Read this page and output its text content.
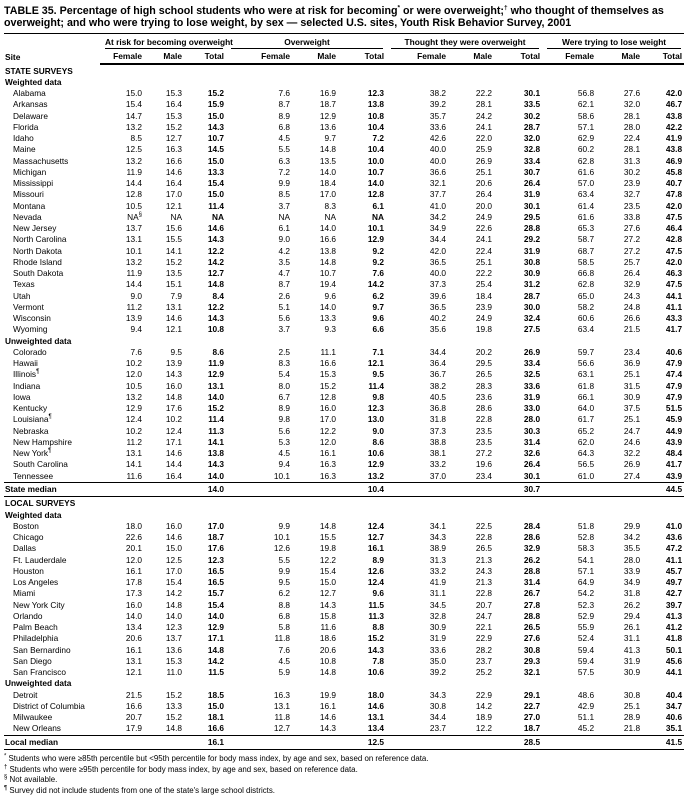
TABLE 35. Percentage of high school students who were at risk for becoming* or were overweight;† who thought of themselves as overweight; and who were trying to lose weight, by sex — selected U.S. sites, Youth Risk Behavior Survey, 2001
Site	At risk for becoming overweight			Overweight			Thought they were overweight			Were trying to lose weight		

	Female	Male	Total	Female	Male	Total	Female	Male	Total	Female	Male	Total
STATE SURVEYS												
Weighted data												
Alabama	15.0	15.3	15.2	7.6	16.9	12.3	38.2	22.2	30.1	56.8	27.6	42.0
Arkansas	15.4	16.4	15.9	8.7	18.7	13.8	39.2	28.1	33.5	62.1	32.0	46.7
Delaware	14.7	15.3	15.0	8.9	12.9	10.8	35.7	24.2	30.2	58.6	28.1	43.8
Florida	13.2	15.2	14.3	6.8	13.6	10.4	33.6	24.1	28.7	57.1	28.0	42.2
Idaho	8.5	12.7	10.7	4.5	9.7	7.2	42.6	22.0	32.0	62.9	22.4	41.9
Maine	12.5	16.3	14.5	5.5	14.8	10.4	40.0	25.9	32.8	60.2	28.1	43.8
Massachusetts	13.2	16.6	15.0	6.3	13.5	10.0	40.0	26.9	33.4	62.8	31.3	46.9
Michigan	11.9	14.6	13.3	7.2	14.0	10.7	36.6	25.1	30.7	61.6	30.2	45.8
Mississippi	14.4	16.4	15.4	9.9	18.4	14.0	32.1	20.6	26.4	57.0	23.9	40.7
Missouri	12.8	17.0	15.0	8.5	17.0	12.8	37.7	26.4	31.9	63.4	32.7	47.8
Montana	10.5	12.1	11.4	3.7	8.3	6.1	41.0	20.0	30.1	61.4	23.5	42.0
Nevada	NA§	NA	NA	NA	NA	NA	34.2	24.9	29.5	61.6	33.8	47.5
New Jersey	13.7	15.6	14.6	6.1	14.0	10.1	34.9	22.6	28.8	65.3	27.6	46.4
North Carolina	13.1	15.5	14.3	9.0	16.6	12.9	34.4	24.1	29.2	58.7	27.2	42.8
North Dakota	10.1	14.1	12.2	4.2	13.8	9.2	42.0	22.4	31.9	68.7	27.2	47.5
Rhode Island	13.2	15.2	14.2	3.5	14.8	9.2	36.5	25.1	30.8	58.5	25.7	42.0
South Dakota	11.9	13.5	12.7	4.7	10.7	7.6	40.0	22.2	30.9	66.8	26.4	46.3
Texas	14.4	15.1	14.8	8.7	19.4	14.2	37.3	25.4	31.2	62.8	32.9	47.5
Utah	9.0	7.9	8.4	2.6	9.6	6.2	39.6	18.4	28.7	65.0	24.3	44.1
Vermont	11.2	13.1	12.2	5.1	14.0	9.7	36.5	23.9	30.0	58.2	24.8	41.1
Wisconsin	13.9	14.6	14.3	5.6	13.3	9.6	40.2	24.9	32.4	60.6	26.6	43.3
Wyoming	9.4	12.1	10.8	3.7	9.3	6.6	35.6	19.8	27.5	63.4	21.5	41.7
Unweighted data												
Colorado	7.6	9.5	8.6	2.5	11.1	7.1	34.4	20.2	26.9	59.7	23.4	40.6
Hawaii	10.2	13.9	11.9	8.3	16.6	12.1	36.4	29.5	33.4	56.6	36.9	47.9
Illinois¶	12.0	14.3	12.9	5.4	15.3	9.5	36.7	26.5	32.5	63.1	25.1	47.4
Indiana	10.5	16.0	13.1	8.0	15.2	11.4	38.2	28.3	33.6	61.8	31.5	47.9
Iowa	13.2	14.8	14.0	6.7	12.8	9.8	40.5	23.6	31.9	66.1	30.9	47.9
Kentucky	12.9	17.6	15.2	8.9	16.0	12.3	36.8	28.6	33.0	64.0	37.5	51.5
Louisiana¶	12.4	10.2	11.4	9.8	17.0	13.0	31.8	22.8	28.0	61.7	25.1	45.9
Nebraska	10.2	12.4	11.3	5.6	12.2	9.0	37.3	23.5	30.3	65.2	24.7	44.9
New Hampshire	11.2	17.1	14.1	5.3	12.0	8.6	38.8	23.5	31.4	62.0	24.6	43.9
New York¶	13.1	14.6	13.8	4.5	16.1	10.6	38.1	27.2	32.6	64.3	32.2	48.4
South Carolina	14.1	14.4	14.3	9.4	16.3	12.9	33.2	19.6	26.4	56.5	26.9	41.7
Tennessee	11.6	16.4	14.0	10.1	16.3	13.2	37.0	23.4	30.1	61.0	27.4	43.9
State median			14.0			10.4			30.7			44.5
LOCAL SURVEYS												
Weighted data												
Boston	18.0	16.0	17.0	9.9	14.8	12.4	34.1	22.5	28.4	51.8	29.9	41.0
Chicago	22.6	14.6	18.7	10.1	15.5	12.7	34.3	22.8	28.6	52.8	34.2	43.6
Dallas	20.1	15.0	17.6	12.6	19.8	16.1	38.9	26.5	32.9	58.3	35.5	47.2
Ft. Lauderdale	12.0	12.5	12.3	5.5	12.2	8.9	31.3	21.3	26.2	54.1	28.0	41.1
Houston	16.1	17.0	16.5	9.9	15.4	12.6	33.2	24.3	28.8	57.1	33.9	45.7
Los Angeles	17.8	15.4	16.5	9.5	15.0	12.4	41.9	21.3	31.4	64.9	34.9	49.7
Miami	17.3	14.2	15.7	6.2	12.7	9.6	31.1	22.8	26.7	54.2	31.8	42.7
New York City	16.0	14.8	15.4	8.8	14.3	11.5	34.5	20.7	27.8	52.3	26.2	39.7
Orlando	14.0	14.0	14.0	6.8	15.8	11.3	32.8	24.7	28.8	52.9	29.4	41.3
Palm Beach	13.4	12.3	12.9	5.8	11.6	8.8	30.9	22.1	26.5	55.9	26.1	41.2
Philadelphia	20.6	13.7	17.1	11.8	18.6	15.2	31.9	22.9	27.6	52.4	31.1	41.8
San Bernardino	16.1	13.6	14.8	7.6	20.6	14.3	33.6	28.2	30.8	59.4	41.3	50.1
San Diego	13.1	15.3	14.2	4.5	10.8	7.8	35.0	23.7	29.3	59.4	31.9	45.6
San Francisco	12.1	11.0	11.5	5.9	14.8	10.6	39.2	25.2	32.1	57.5	30.9	44.1
Unweighted data												
Detroit	21.5	15.2	18.5	16.3	19.9	18.0	34.3	22.9	29.1	48.6	30.8	40.4
District of Columbia	16.6	13.3	15.0	13.1	16.1	14.6	30.8	14.2	22.7	42.9	25.1	34.7
Milwaukee	20.7	15.2	18.1	11.8	14.6	13.1	34.4	18.9	27.0	51.1	28.9	40.6
New Orleans	17.9	14.8	16.6	12.7	14.3	13.4	23.7	12.2	18.7	45.2	21.8	35.1
Local median			16.1			12.5			28.5			41.5
* Students who were ≥85th percentile but <95th percentile for body mass index, by age and sex, based on reference data.
† Students who were ≥95th percentile for body mass index, by age and sex, based on reference data.
§ Not available.
¶ Survey did not include students from one of the state's large school districts.
